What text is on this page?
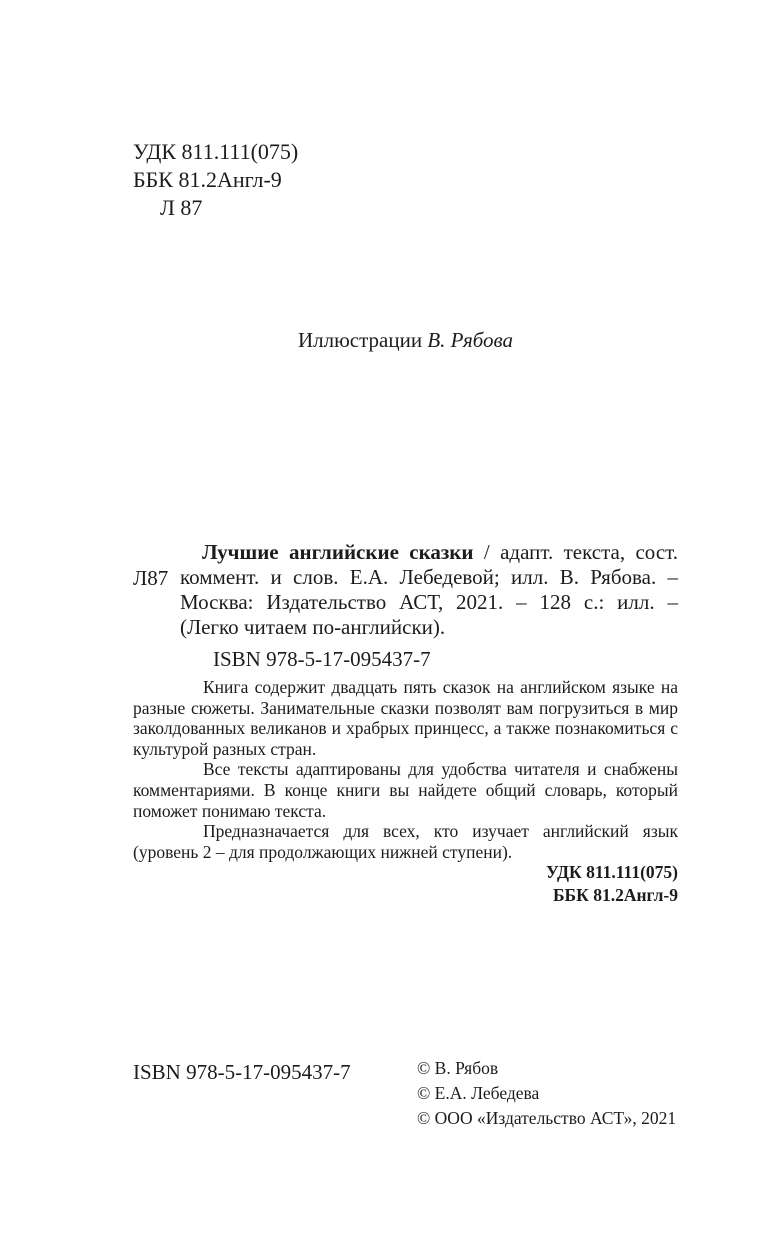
УДК 811.111(075)
ББК 81.2Англ-9
Л 87
Иллюстрации В. Рябова
Л87

Лучшие английские сказки / адапт. текста, сост. коммент. и слов. Е.А. Лебедевой; илл. В. Рябова. – Москва: Издательство АСТ, 2021. – 128 с.: илл. – (Легко читаем по-английски).

ISBN 978-5-17-095437-7

Книга содержит двадцать пять сказок на английском языке на разные сюжеты. Занимательные сказки позволят вам погрузиться в мир заколдованных великанов и храбрых принцесс, а также познакомиться с культурой разных стран.

Все тексты адаптированы для удобства читателя и снабжены комментариями. В конце книги вы найдете общий словарь, который поможет понимаю текста.

Предназначается для всех, кто изучает английский язык (уровень 2 – для продолжающих нижней ступени).

УДК 811.111(075)
ББК 81.2Англ-9
ISBN 978-5-17-095437-7	© В. Рябов
© Е.А. Лебедева
© ООО «Издательство АСТ», 2021
